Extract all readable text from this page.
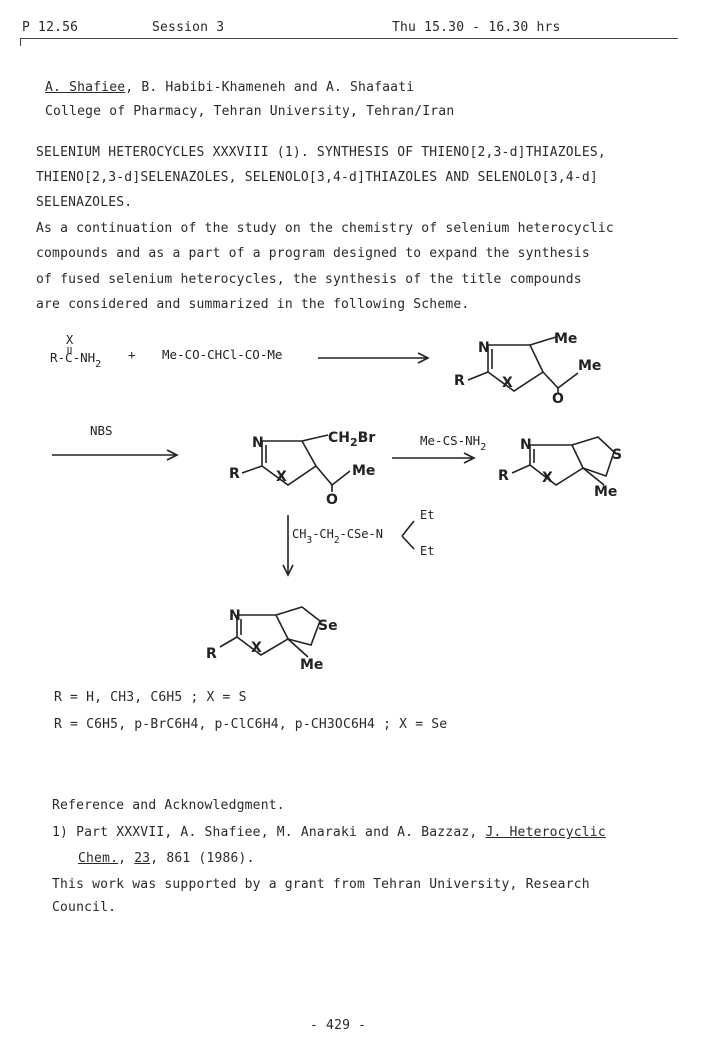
P 12.56	Session 3	Thu 15.30 - 16.30 hrs
A. Shafiee, B. Habibi-Khameneh and A. Shafaati
College of Pharmacy, Tehran University, Tehran/Iran
SELENIUM HETEROCYCLES XXXVIII (1). SYNTHESIS OF THIENO[2,3-d]THIAZOLES,
THIENO[2,3-d]SELENAZOLES, SELENOLO[3,4-d]THIAZOLES AND SELENOLO[3,4-d]
SELENAZOLES.
As a continuation of the study on the chemistry of selenium heterocyclic
compounds and as a part of a program designed to expand the synthesis
of fused selenium heterocycles, the synthesis of the title compounds
are considered and summarized in the following Scheme.
X
$R-C-NH_2$
+ Me-CO-CHCl-CO-Me	N
Me
Me
X
R
O
NBS
N	$CH_2Br$
Me
X
R
O
$Me-CS-NH_2$ N
S
X
R
Me
Et
$CH_3-CH_2-CSe-N$
Et
N
Se
X
R
Me
R = H, CH3, C6H5 ; X = S
R = C6H5, p-BrC6H4, p-ClC6H4, p-CH3OC6H4 ; X = Se
Reference and Acknowledgment.
1) Part XXXVII, A. Shafiee, M. Anaraki and A. Bazzaz, J. Heterocyclic
Chem., 23, 861 (1986).
This work was supported by a grant from Tehran University, Research
Council.
- 429 -
